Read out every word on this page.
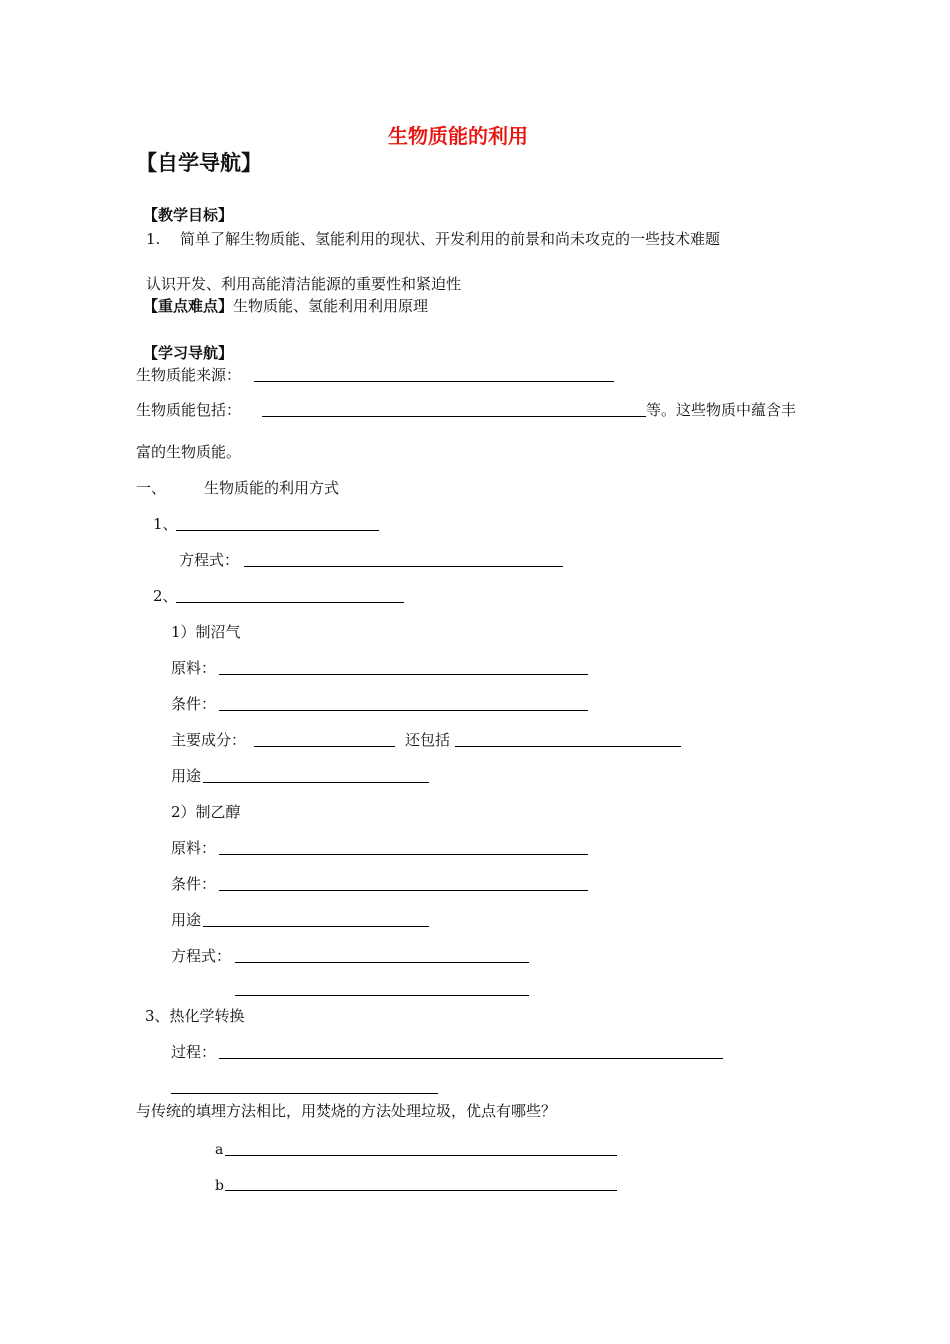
生物质能的利用
【自学导航】
【教学目标】
1. 简单了解生物质能、氢能利用的现状、开发利用的前景和尚未攻克的一些技术难题
认识开发、利用高能清洁能源的重要性和紧迫性
【重点难点】生物质能、氢能利用利用原理
【学习导航】
生物质能来源：
生物质能包括：	等。这些物质中蕴含丰
富的生物质能。
一、	生物质能的利用方式
1、
方程式：
2、
1）制沼气
原料：
条件：
主要成分：	还包括
用途
2）制乙醇
原料：
条件：
用途
方程式：
3、热化学转换
过程：
与传统的填埋方法相比，用焚烧的方法处理垃圾，优点有哪些？
a
b
